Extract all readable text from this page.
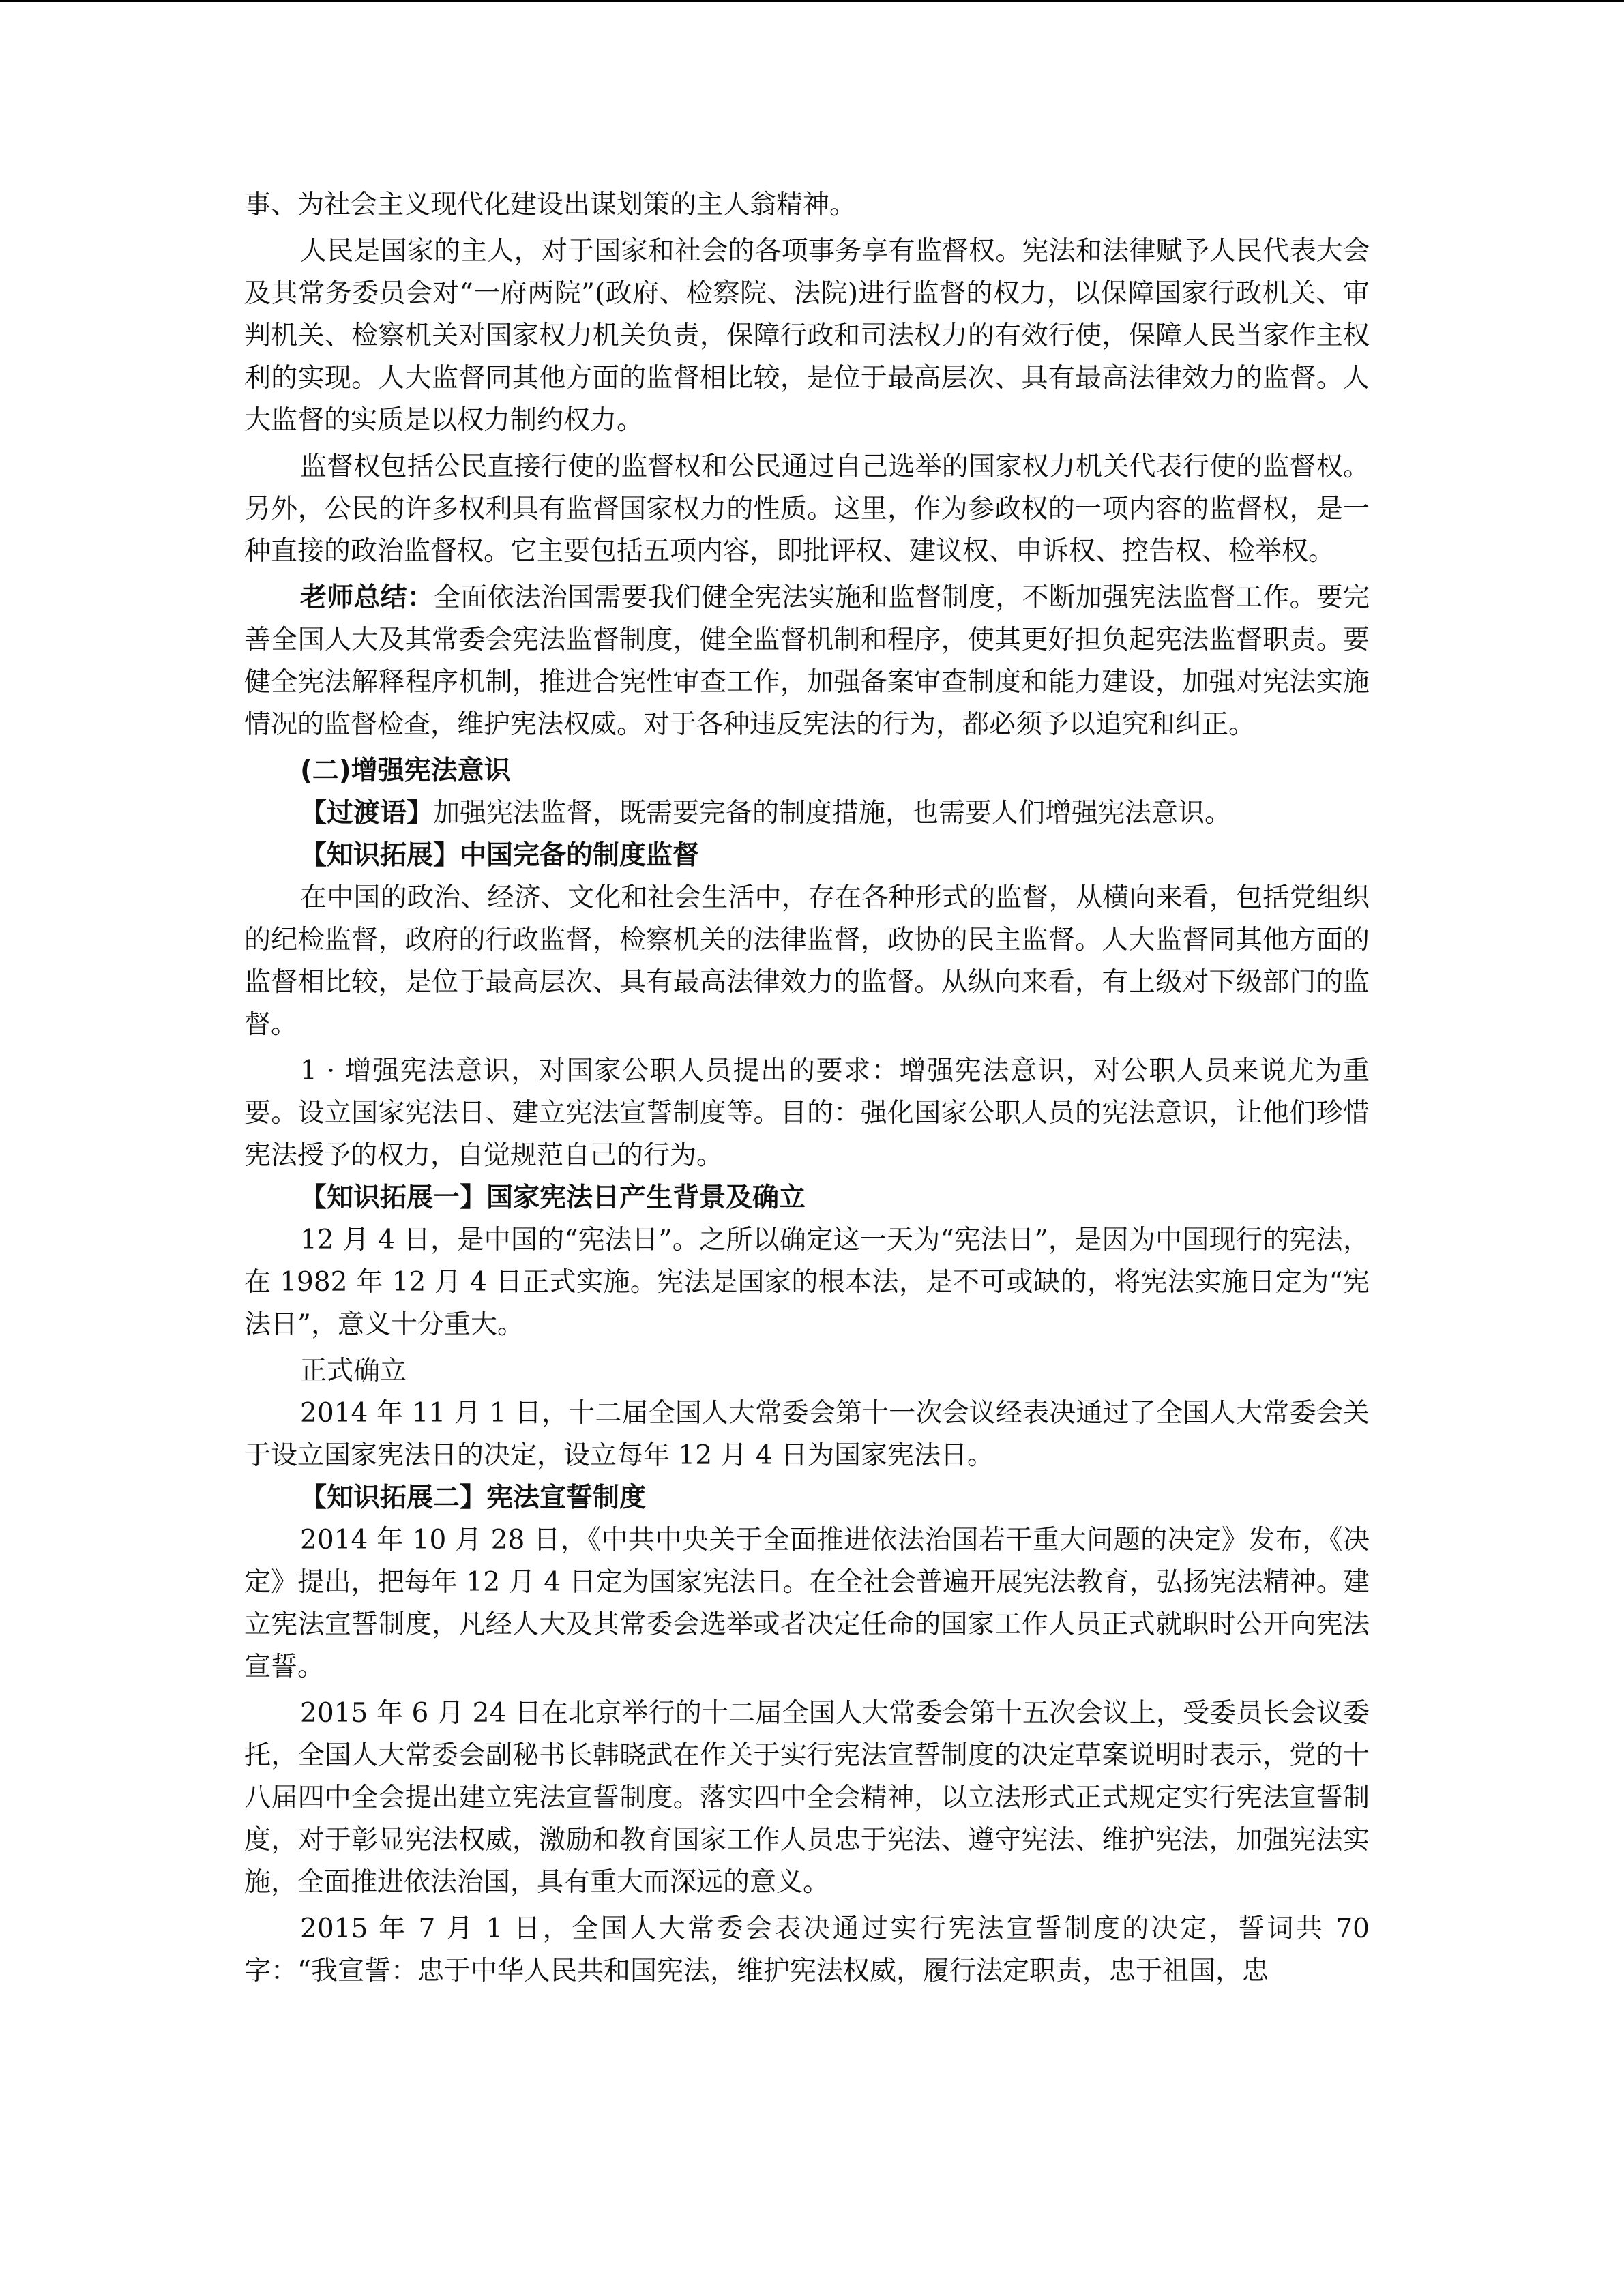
事、为社会主义现代化建设出谋划策的主人翁精神。

人民是国家的主人，对于国家和社会的各项事务享有监督权。宪法和法律赋予人民代表大会及其常务委员会对“一府两院”(政府、检察院、法院)进行监督的权力，以保障国家行政机关、审判机关、检察机关对国家权力机关负责，保障行政和司法权力的有效行使，保障人民当家作主权利的实现。人大监督同其他方面的监督相比较，是位于最高层次、具有最高法律效力的监督。人大监督的实质是以权力制约权力。

监督权包括公民直接行使的监督权和公民通过自己选举的国家权力机关代表行使的监督权。另外，公民的许多权利具有监督国家权力的性质。这里，作为参政权的一项内容的监督权，是一种直接的政治监督权。它主要包括五项内容，即批评权、建议权、申诉权、控告权、检举权。

老师总结：全面依法治国需要我们健全宪法实施和监督制度，不断加强宪法监督工作。要完善全国人大及其常委会宪法监督制度，健全监督机制和程序，使其更好担负起宪法监督职责。要健全宪法解释程序机制，推进合宪性审查工作，加强备案审查制度和能力建设，加强对宪法实施情况的监督检查，维护宪法权威。对于各种违反宪法的行为，都必须予以追究和纠正。

(二)增强宪法意识

【过渡语】加强宪法监督，既需要完备的制度措施，也需要人们增强宪法意识。

【知识拓展】中国完备的制度监督

在中国的政治、经济、文化和社会生活中，存在各种形式的监督，从横向来看，包括党组织的纪检监督，政府的行政监督，检察机关的法律监督，政协的民主监督。人大监督同其他方面的监督相比较，是位于最高层次、具有最高法律效力的监督。从纵向来看，有上级对下级部门的监督。

1 · 增强宪法意识，对国家公职人员提出的要求：增强宪法意识，对公职人员来说尤为重要。设立国家宪法日、建立宪法宣誓制度等。目的：强化国家公职人员的宪法意识，让他们珍惜宪法授予的权力，自觉规范自己的行为。

【知识拓展一】国家宪法日产生背景及确立

12 月 4 日，是中国的“宪法日”。之所以确定这一天为“宪法日”，是因为中国现行的宪法，在 1982 年 12 月 4 日正式实施。宪法是国家的根本法，是不可或缺的，将宪法实施日定为“宪法日”，意义十分重大。

正式确立

2014 年 11 月 1 日，十二届全国人大常委会第十一次会议经表决通过了全国人大常委会关于设立国家宪法日的决定，设立每年 12 月 4 日为国家宪法日。

【知识拓展二】宪法宣誓制度

2014 年 10 月 28 日，《中共中央关于全面推进依法治国若干重大问题的决定》发布，《决定》提出，把每年 12 月 4 日定为国家宪法日。在全社会普遍开展宪法教育，弘扬宪法精神。建立宪法宣誓制度，凡经人大及其常委会选举或者决定任命的国家工作人员正式就职时公开向宪法宣誓。

2015 年 6 月 24 日在北京举行的十二届全国人大常委会第十五次会议上，受委员长会议委托，全国人大常委会副秘书长韩晓武在作关于实行宪法宣誓制度的决定草案说明时表示，党的十八届四中全会提出建立宪法宣誓制度。落实四中全会精神，以立法形式正式规定实行宪法宣誓制度，对于彰显宪法权威，激励和教育国家工作人员忠于宪法、遵守宪法、维护宪法，加强宪法实施，全面推进依法治国，具有重大而深远的意义。

2015 年 7 月 1 日，全国人大常委会表决通过实行宪法宣誓制度的决定，誓词共 70 字：“我宣誓：忠于中华人民共和国宪法，维护宪法权威，履行法定职责，忠于祖国，忠
